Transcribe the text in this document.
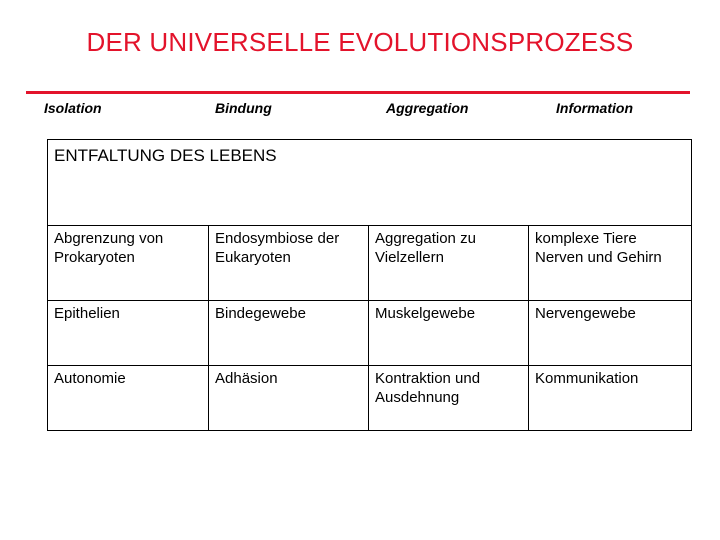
DER UNIVERSELLE EVOLUTIONSPROZESS
Isolation	Bindung	Aggregation	Information
ENTFALTUNG DES LEBENS			
Abgrenzung von Prokaryoten	Endosymbiose der Eukaryoten	Aggregation zu Vielzellern	komplexe Tiere Nerven und Gehirn
Epithelien	Bindegewebe	Muskelgewebe	Nervengewebe
Autonomie	Adhäsion	Kontraktion und Ausdehnung	Kommunikation
